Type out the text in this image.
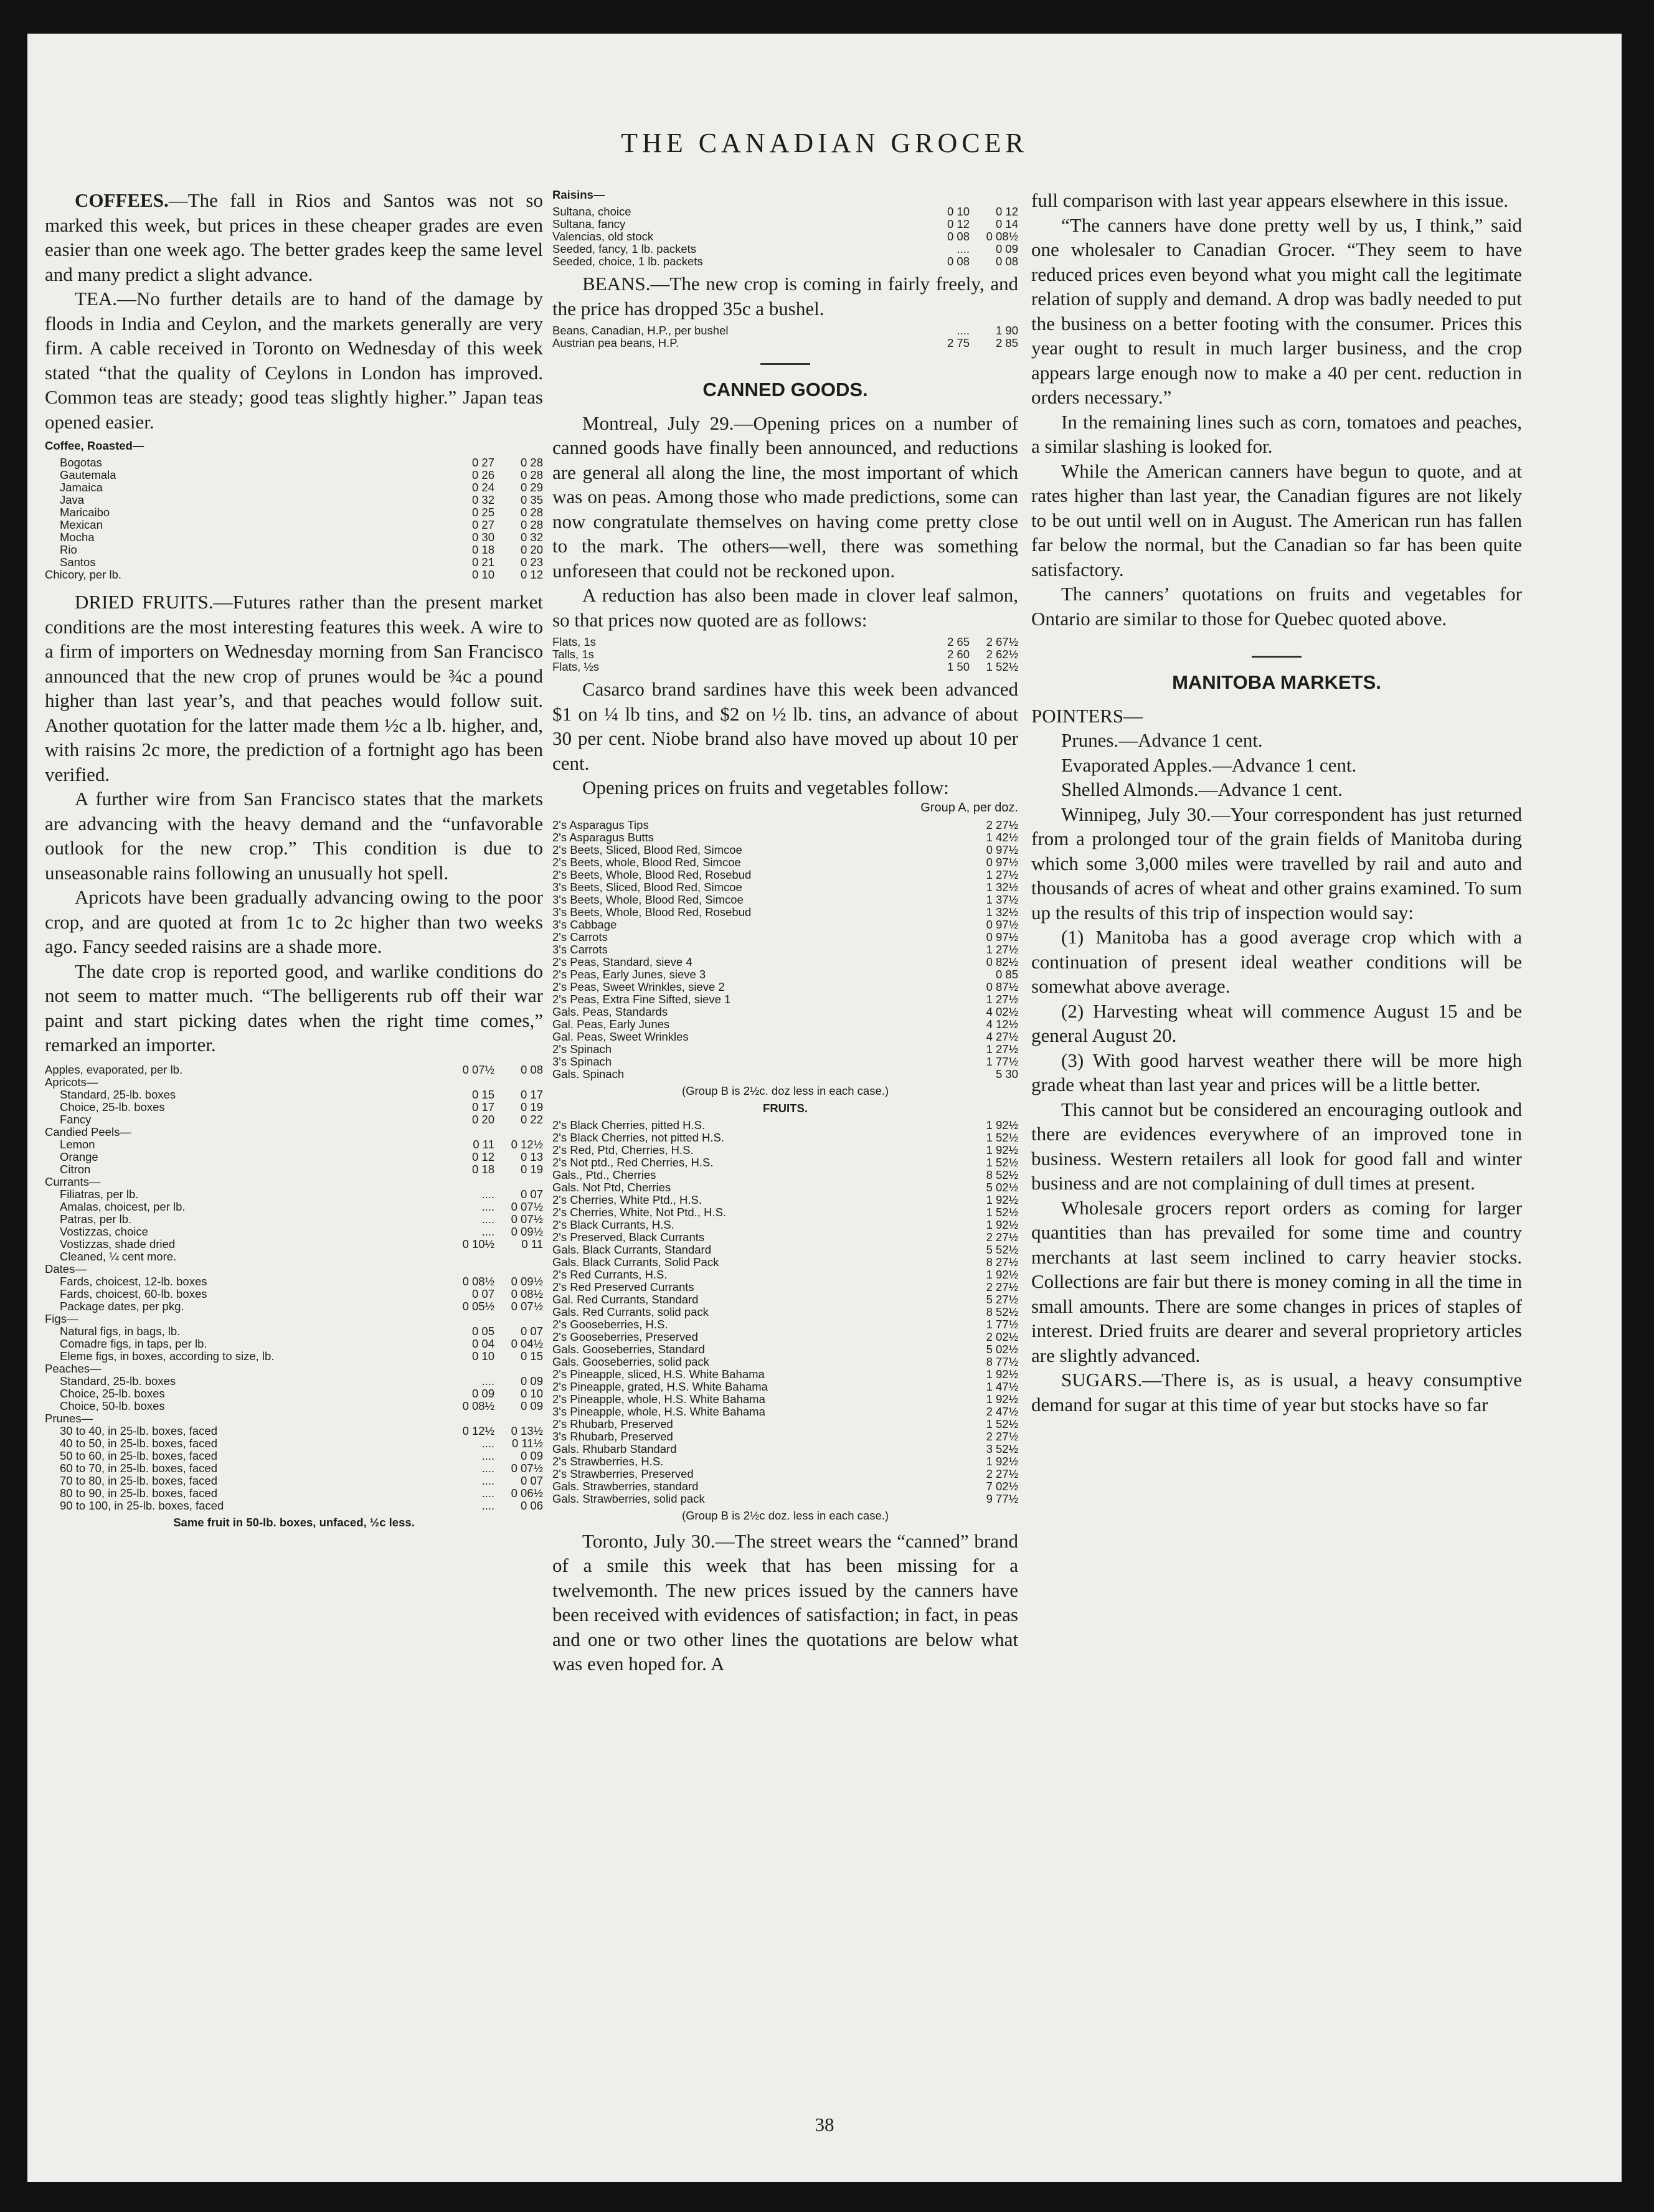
THE CANADIAN GROCER

COFFEES.—The fall in Rios and Santos was not so marked this week, but prices in these cheaper grades are even easier than one week ago. The better grades keep the same level and many predict a slight advance.

TEA.—No further details are to hand of the damage by floods in India and Ceylon, and the markets generally are very firm. A cable received in Toronto on Wednesday of this week stated “that the quality of Ceylons in London has improved. Common teas are steady; good teas slightly higher.” Japan teas opened easier.

Coffee, Roasted—
Bogotas	0 27	0 28
Gautemala	0 26	0 28
Jamaica	0 24	0 29
Java	0 32	0 35
Maricaibo	0 25	0 28
Mexican	0 27	0 28
Mocha	0 30	0 32
Rio	0 18	0 20
Santos	0 21	0 23
Chicory, per lb.	0 10	0 12

DRIED FRUITS.—Futures rather than the present market conditions are the most interesting features this week. A wire to a firm of importers on Wednesday morning from San Francisco announced that the new crop of prunes would be ¾c a pound higher than last year’s, and that peaches would follow suit. Another quotation for the latter made them ½c a lb. higher, and, with raisins 2c more, the prediction of a fortnight ago has been verified.

A further wire from San Francisco states that the markets are advancing with the heavy demand and the “unfavorable outlook for the new crop.” This condition is due to unseasonable rains following an unusually hot spell.

Apricots have been gradually advancing owing to the poor crop, and are quoted at from 1c to 2c higher than two weeks ago. Fancy seeded raisins are a shade more.

The date crop is reported good, and warlike conditions do not seem to matter much. “The belligerents rub off their war paint and start picking dates when the right time comes,” remarked an importer.

Apples, evaporated, per lb.	0 07½	0 08
Apricots—		
Standard, 25-lb. boxes	0 15	0 17
Choice, 25-lb. boxes	0 17	0 19
Fancy	0 20	0 22
Candied Peels—		
Lemon	0 11	0 12½
Orange	0 12	0 13
Citron	0 18	0 19
Currants—		
Filiatras, per lb.	....	0 07
Amalas, choicest, per lb.	....	0 07½
Patras, per lb.	....	0 07½
Vostizzas, choice	....	0 09½
Vostizzas, shade dried	0 10½	0 11
Cleaned, ¼ cent more.		
Dates—		
Fards, choicest, 12-lb. boxes	0 08½	0 09½
Fards, choicest, 60-lb. boxes	0 07	0 08½
Package dates, per pkg.	0 05½	0 07½
Figs—		
Natural figs, in bags, lb.	0 05	0 07
Comadre figs, in taps, per lb.	0 04	0 04½
Eleme figs, in boxes, according to size, lb.	0 10	0 15
Peaches—		
Standard, 25-lb. boxes	....	0 09
Choice, 25-lb. boxes	0 09	0 10
Choice, 50-lb. boxes	0 08½	0 09
Prunes—		
30 to 40, in 25-lb. boxes, faced	0 12½	0 13½
40 to 50, in 25-lb. boxes, faced	....	0 11½
50 to 60, in 25-lb. boxes, faced	....	0 09
60 to 70, in 25-lb. boxes, faced	....	0 07½
70 to 80, in 25-lb. boxes, faced	....	0 07
80 to 90, in 25-lb. boxes, faced	....	0 06½
90 to 100, in 25-lb. boxes, faced	....	0 06
Same fruit in 50-lb. boxes, unfaced, ½c less.
Raisins—
Sultana, choice	0 10	0 12
Sultana, fancy	0 12	0 14
Valencias, old stock	0 08	0 08½
Seeded, fancy, 1 lb. packets	....	0 09
Seeded, choice, 1 lb. packets	0 08	0 08

BEANS.—The new crop is coming in fairly freely, and the price has dropped 35c a bushel.

Beans, Canadian, H.P., per bushel	....	1 90
Austrian pea beans, H.P.	2 75	2 85
CANNED GOODS.

Montreal, July 29.—Opening prices on a number of canned goods have finally been announced, and reductions are general all along the line, the most important of which was on peas. Among those who made predictions, some can now congratulate themselves on having come pretty close to the mark. The others—well, there was something unforeseen that could not be reckoned upon.

A reduction has also been made in clover leaf salmon, so that prices now quoted are as follows:

Flats, 1s	2 65	2 67½
Talls, 1s	2 60	2 62½
Flats, ½s	1 50	1 52½

Casarco brand sardines have this week been advanced $1 on ¼ lb tins, and $2 on ½ lb. tins, an advance of about 30 per cent. Niobe brand also have moved up about 10 per cent.

Opening prices on fruits and vegetables follow:

Group A, per doz.
2's Asparagus Tips	2 27½
2's Asparagus Butts	1 42½
2's Beets, Sliced, Blood Red, Simcoe	0 97½
2's Beets, whole, Blood Red, Simcoe	0 97½
2's Beets, Whole, Blood Red, Rosebud	1 27½
3's Beets, Sliced, Blood Red, Simcoe	1 32½
3's Beets, Whole, Blood Red, Simcoe	1 37½
3's Beets, Whole, Blood Red, Rosebud	1 32½
3's Cabbage	0 97½
2's Carrots	0 97½
3's Carrots	1 27½
2's Peas, Standard, sieve 4	0 82½
2's Peas, Early Junes, sieve 3	0 85
2's Peas, Sweet Wrinkles, sieve 2	0 87½
2's Peas, Extra Fine Sifted, sieve 1	1 27½
Gals. Peas, Standards	4 02½
Gal. Peas, Early Junes	4 12½
Gal. Peas, Sweet Wrinkles	4 27½
2's Spinach	1 27½
3's Spinach	1 77½
Gals. Spinach	5 30
(Group B is 2½c. doz less in each case.)
FRUITS.
2's Black Cherries, pitted H.S.	1 92½
2's Black Cherries, not pitted H.S.	1 52½
2's Red, Ptd, Cherries, H.S.	1 92½
2's Not ptd., Red Cherries, H.S.	1 52½
Gals., Ptd., Cherries	8 52½
Gals. Not Ptd, Cherries	5 02½
2's Cherries, White Ptd., H.S.	1 92½
2's Cherries, White, Not Ptd., H.S.	1 52½
2's Black Currants, H.S.	1 92½
2's Preserved, Black Currants	2 27½
Gals. Black Currants, Standard	5 52½
Gals. Black Currants, Solid Pack	8 27½
2's Red Currants, H.S.	1 92½
2's Red Preserved Currants	2 27½
Gal. Red Currants, Standard	5 27½
Gals. Red Currants, solid pack	8 52½
2's Gooseberries, H.S.	1 77½
2's Gooseberries, Preserved	2 02½
Gals. Gooseberries, Standard	5 02½
Gals. Gooseberries, solid pack	8 77½
2's Pineapple, sliced, H.S. White Bahama	1 92½
2's Pineapple, grated, H.S. White Bahama	1 47½
2's Pineapple, whole, H.S. White Bahama	1 92½
3's Pineapple, whole, H.S. White Bahama	2 47½
2's Rhubarb, Preserved	1 52½
3's Rhubarb, Preserved	2 27½
Gals. Rhubarb Standard	3 52½
2's Strawberries, H.S.	1 92½
2's Strawberries, Preserved	2 27½
Gals. Strawberries, standard	7 02½
Gals. Strawberries, solid pack	9 77½
(Group B is 2½c doz. less in each case.)

Toronto, July 30.—The street wears the “canned” brand of a smile this week that has been missing for a twelvemonth. The new prices issued by the canners have been received with evidences of satisfaction; in fact, in peas and one or two other lines the quotations are below what was even hoped for. A

full comparison with last year appears elsewhere in this issue.

“The canners have done pretty well by us, I think,” said one wholesaler to Canadian Grocer. “They seem to have reduced prices even beyond what you might call the legitimate relation of supply and demand. A drop was badly needed to put the business on a better footing with the consumer. Prices this year ought to result in much larger business, and the crop appears large enough now to make a 40 per cent. reduction in orders necessary.”

In the remaining lines such as corn, tomatoes and peaches, a similar slashing is looked for.

While the American canners have begun to quote, and at rates higher than last year, the Canadian figures are not likely to be out until well on in August. The American run has fallen far below the normal, but the Canadian so far has been quite satisfactory.

The canners’ quotations on fruits and vegetables for Ontario are similar to those for Quebec quoted above.

MANITOBA MARKETS.

POINTERS—

Prunes.—Advance 1 cent.

Evaporated Apples.—Advance 1 cent.

Shelled Almonds.—Advance 1 cent.

Winnipeg, July 30.—Your correspondent has just returned from a prolonged tour of the grain fields of Manitoba during which some 3,000 miles were travelled by rail and auto and thousands of acres of wheat and other grains examined. To sum up the results of this trip of inspection would say:

(1) Manitoba has a good average crop which with a continuation of present ideal weather conditions will be somewhat above average.

(2) Harvesting wheat will commence August 15 and be general August 20.

(3) With good harvest weather there will be more high grade wheat than last year and prices will be a little better.

This cannot but be considered an encouraging outlook and there are evidences everywhere of an improved tone in business. Western retailers all look for good fall and winter business and are not complaining of dull times at present.

Wholesale grocers report orders as coming for larger quantities than has prevailed for some time and country merchants at last seem inclined to carry heavier stocks. Collections are fair but there is money coming in all the time in small amounts. There are some changes in prices of staples of interest. Dried fruits are dearer and several proprietory articles are slightly advanced.

SUGARS.—There is, as is usual, a heavy consumptive demand for sugar at this time of year but stocks have so far

38
